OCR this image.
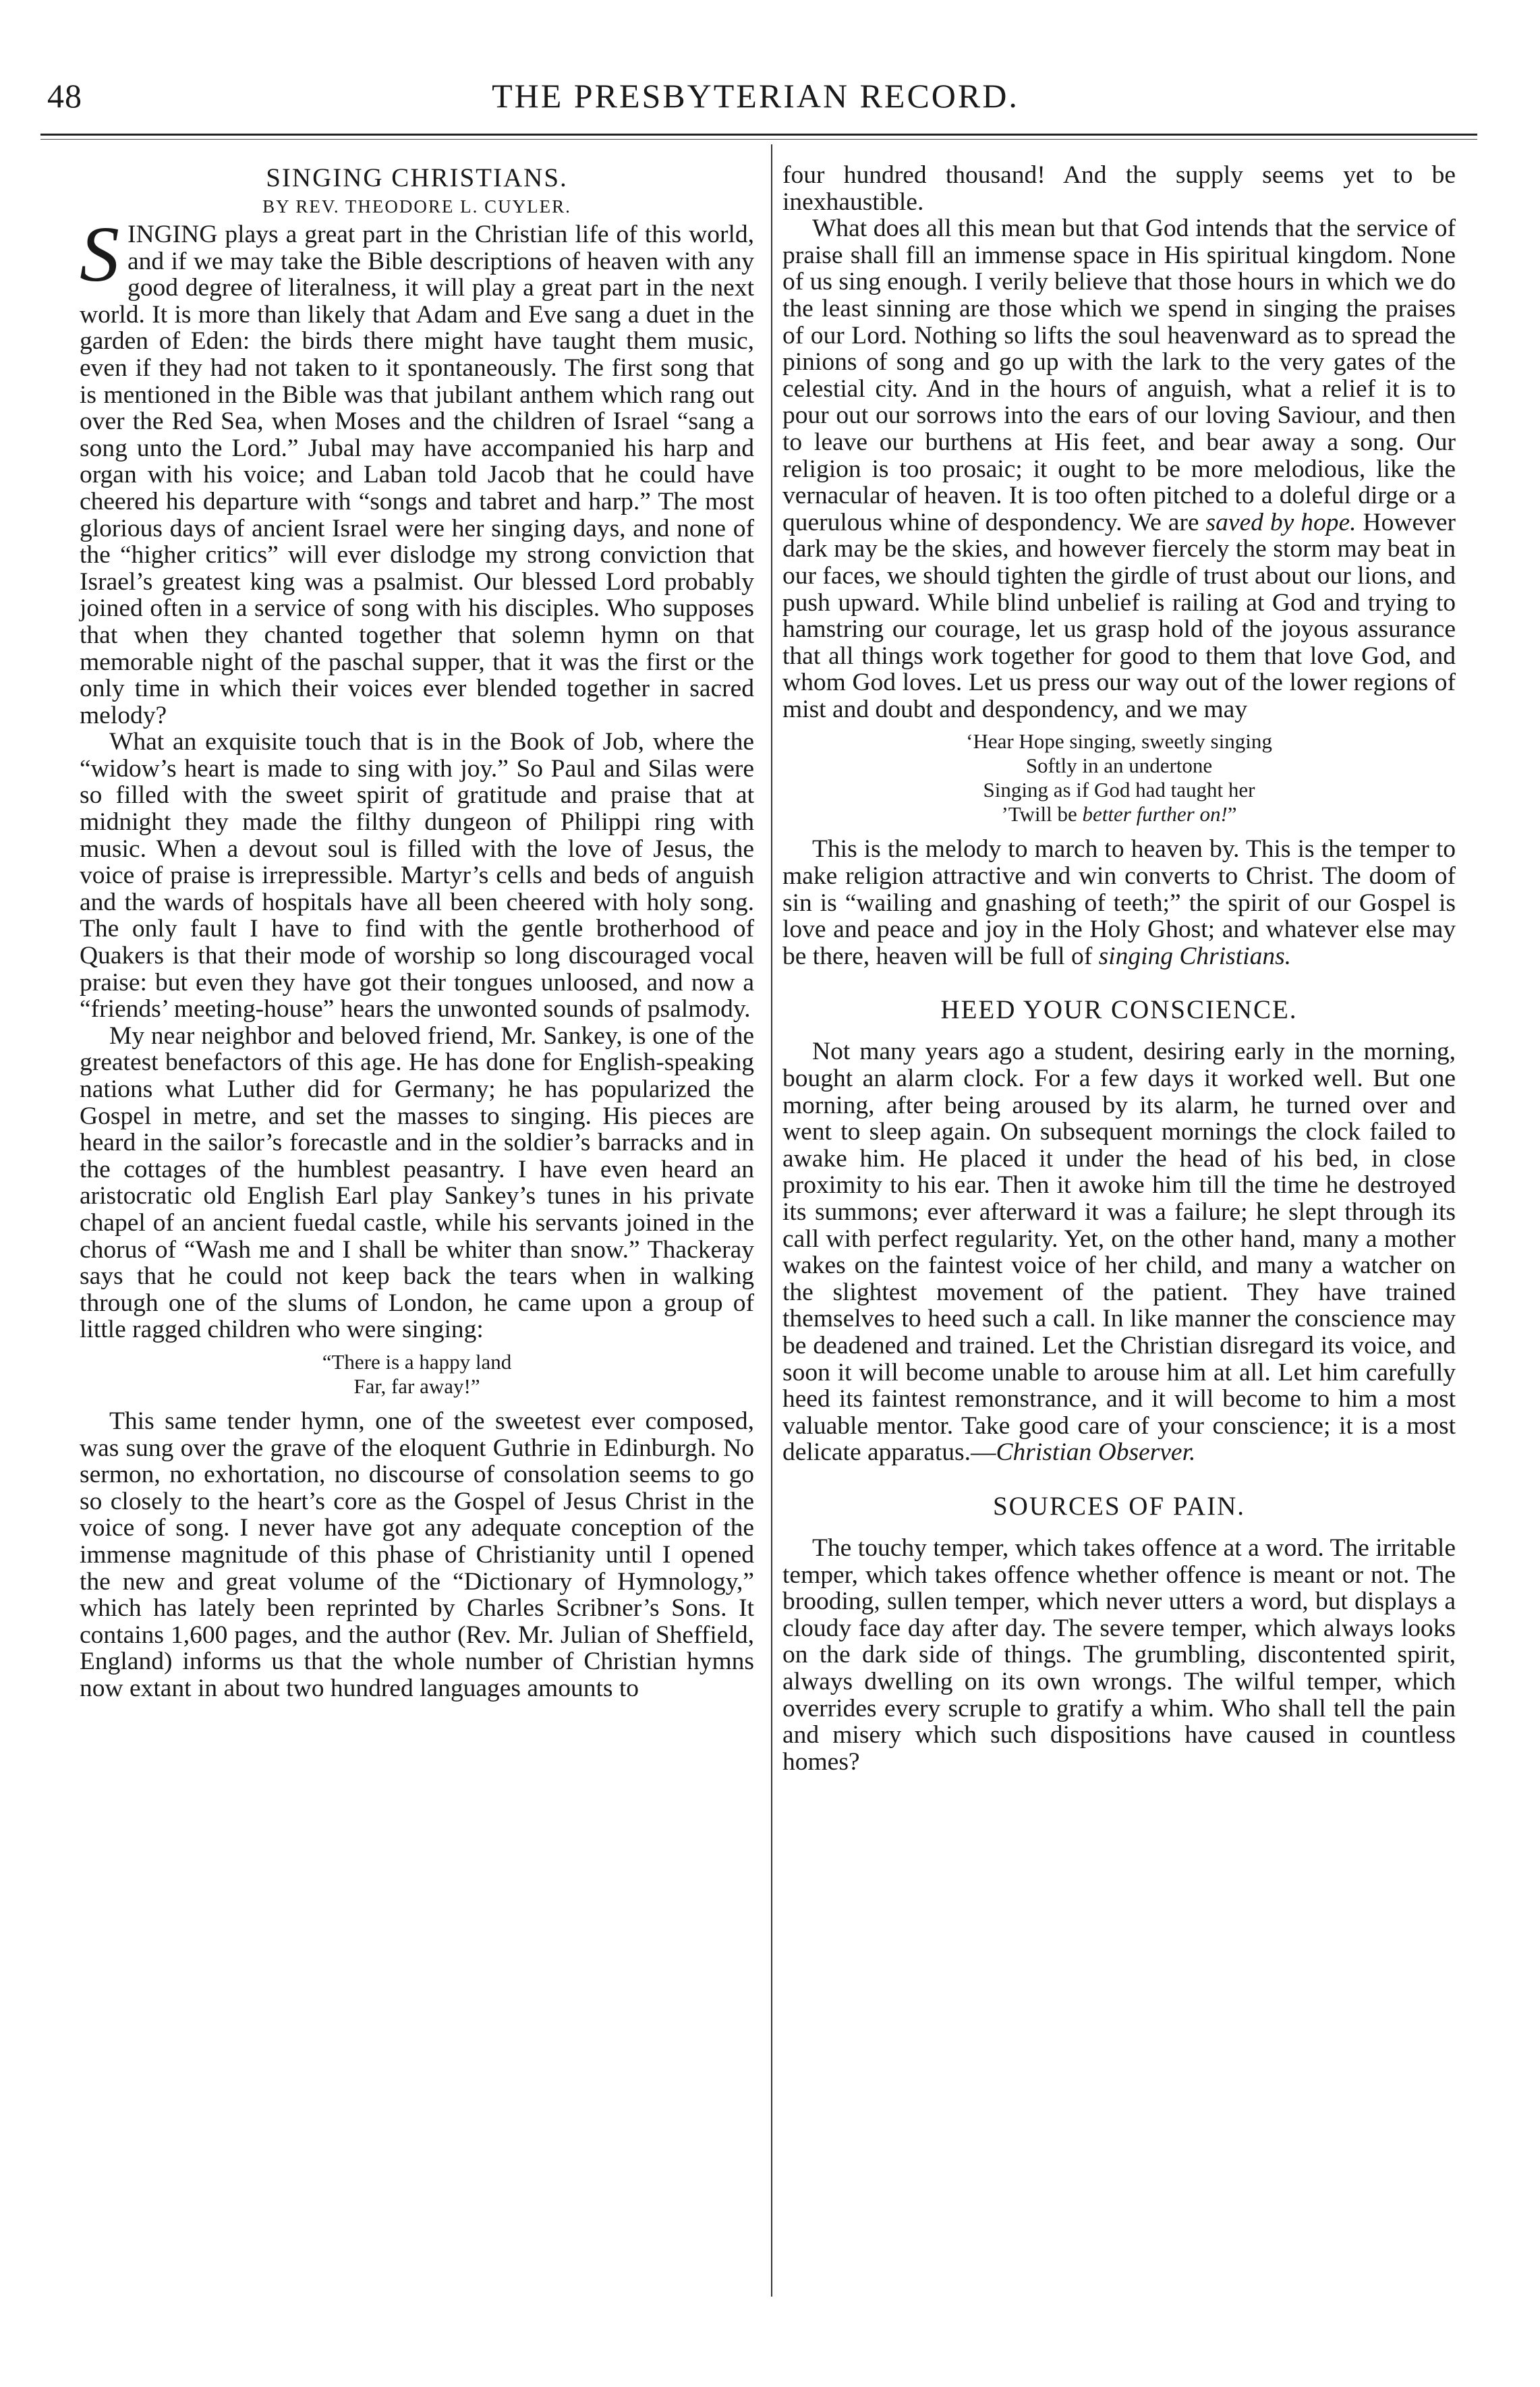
48	THE PRESBYTERIAN RECORD.
SINGING CHRISTIANS.
BY REV. THEODORE L. CUYLER.

SINGING plays a great part in the Christian life of this world, and if we may take the Bible descriptions of heaven with any good degree of literalness, it will play a great part in the next world. It is more than likely that Adam and Eve sang a duet in the garden of Eden: the birds there might have taught them music, even if they had not taken to it spontaneously. The first song that is mentioned in the Bible was that jubilant anthem which rang out over the Red Sea, when Moses and the children of Israel “sang a song unto the Lord.” Jubal may have accompanied his harp and organ with his voice; and Laban told Jacob that he could have cheered his departure with “songs and tabret and harp.” The most glorious days of ancient Israel were her singing days, and none of the “higher critics” will ever dislodge my strong conviction that Israel’s greatest king was a psalmist. Our blessed Lord probably joined often in a service of song with his disciples. Who supposes that when they chanted together that solemn hymn on that memorable night of the paschal supper, that it was the first or the only time in which their voices ever blended together in sacred melody?

What an exquisite touch that is in the Book of Job, where the “widow’s heart is made to sing with joy.” So Paul and Silas were so filled with the sweet spirit of gratitude and praise that at midnight they made the filthy dungeon of Philippi ring with music. When a devout soul is filled with the love of Jesus, the voice of praise is irrepressible. Martyr’s cells and beds of anguish and the wards of hospitals have all been cheered with holy song. The only fault I have to find with the gentle brotherhood of Quakers is that their mode of worship so long discouraged vocal praise: but even they have got their tongues unloosed, and now a “friends’ meeting-house” hears the unwonted sounds of psalmody.

My near neighbor and beloved friend, Mr. Sankey, is one of the greatest benefactors of this age. He has done for English-speaking nations what Luther did for Germany; he has popularized the Gospel in metre, and set the masses to singing. His pieces are heard in the sailor’s forecastle and in the soldier’s barracks and in the cottages of the humblest peasantry. I have even heard an aristocratic old English Earl play Sankey’s tunes in his private chapel of an ancient fuedal castle, while his servants joined in the chorus of “Wash me and I shall be whiter than snow.” Thackeray says that he could not keep back the tears when in walking through one of the slums of London, he came upon a group of little ragged children who were singing:

“There is a happy land
Far, far away!”

This same tender hymn, one of the sweetest ever composed, was sung over the grave of the eloquent Guthrie in Edinburgh. No sermon, no exhortation, no discourse of consolation seems to go so closely to the heart’s core as the Gospel of Jesus Christ in the voice of song. I never have got any adequate conception of the immense magnitude of this phase of Christianity until I opened the new and great volume of the “Dictionary of Hymnology,” which has lately been reprinted by Charles Scribner’s Sons. It contains 1,600 pages, and the author (Rev. Mr. Julian of Sheffield, England) informs us that the whole number of Christian hymns now extant in about two hundred languages amounts to

four hundred thousand! And the supply seems yet to be inexhaustible.

What does all this mean but that God intends that the service of praise shall fill an immense space in His spiritual kingdom. None of us sing enough. I verily believe that those hours in which we do the least sinning are those which we spend in singing the praises of our Lord. Nothing so lifts the soul heavenward as to spread the pinions of song and go up with the lark to the very gates of the celestial city. And in the hours of anguish, what a relief it is to pour out our sorrows into the ears of our loving Saviour, and then to leave our burthens at His feet, and bear away a song. Our religion is too prosaic; it ought to be more melodious, like the vernacular of heaven. It is too often pitched to a doleful dirge or a querulous whine of despondency. We are saved by hope. However dark may be the skies, and however fiercely the storm may beat in our faces, we should tighten the girdle of trust about our lions, and push upward. While blind unbelief is railing at God and trying to hamstring our courage, let us grasp hold of the joyous assurance that all things work together for good to them that love God, and whom God loves. Let us press our way out of the lower regions of mist and doubt and despondency, and we may

‘Hear Hope singing, sweetly singing
Softly in an undertone
Singing as if God had taught her
’Twill be better further on!”

This is the melody to march to heaven by. This is the temper to make religion attractive and win converts to Christ. The doom of sin is “wailing and gnashing of teeth;” the spirit of our Gospel is love and peace and joy in the Holy Ghost; and whatever else may be there, heaven will be full of singing Christians.

HEED YOUR CONSCIENCE.

Not many years ago a student, desiring early in the morning, bought an alarm clock. For a few days it worked well. But one morning, after being aroused by its alarm, he turned over and went to sleep again. On subsequent mornings the clock failed to awake him. He placed it under the head of his bed, in close proximity to his ear. Then it awoke him till the time he destroyed its summons; ever afterward it was a failure; he slept through its call with perfect regularity. Yet, on the other hand, many a mother wakes on the faintest voice of her child, and many a watcher on the slightest movement of the patient. They have trained themselves to heed such a call. In like manner the conscience may be deadened and trained. Let the Christian disregard its voice, and soon it will become unable to arouse him at all. Let him carefully heed its faintest remonstrance, and it will become to him a most valuable mentor. Take good care of your conscience; it is a most delicate apparatus.—Christian Observer.

SOURCES OF PAIN.

The touchy temper, which takes offence at a word. The irritable temper, which takes offence whether offence is meant or not. The brooding, sullen temper, which never utters a word, but displays a cloudy face day after day. The severe temper, which always looks on the dark side of things. The grumbling, discontented spirit, always dwelling on its own wrongs. The wilful temper, which overrides every scruple to gratify a whim. Who shall tell the pain and misery which such dispositions have caused in countless homes?
